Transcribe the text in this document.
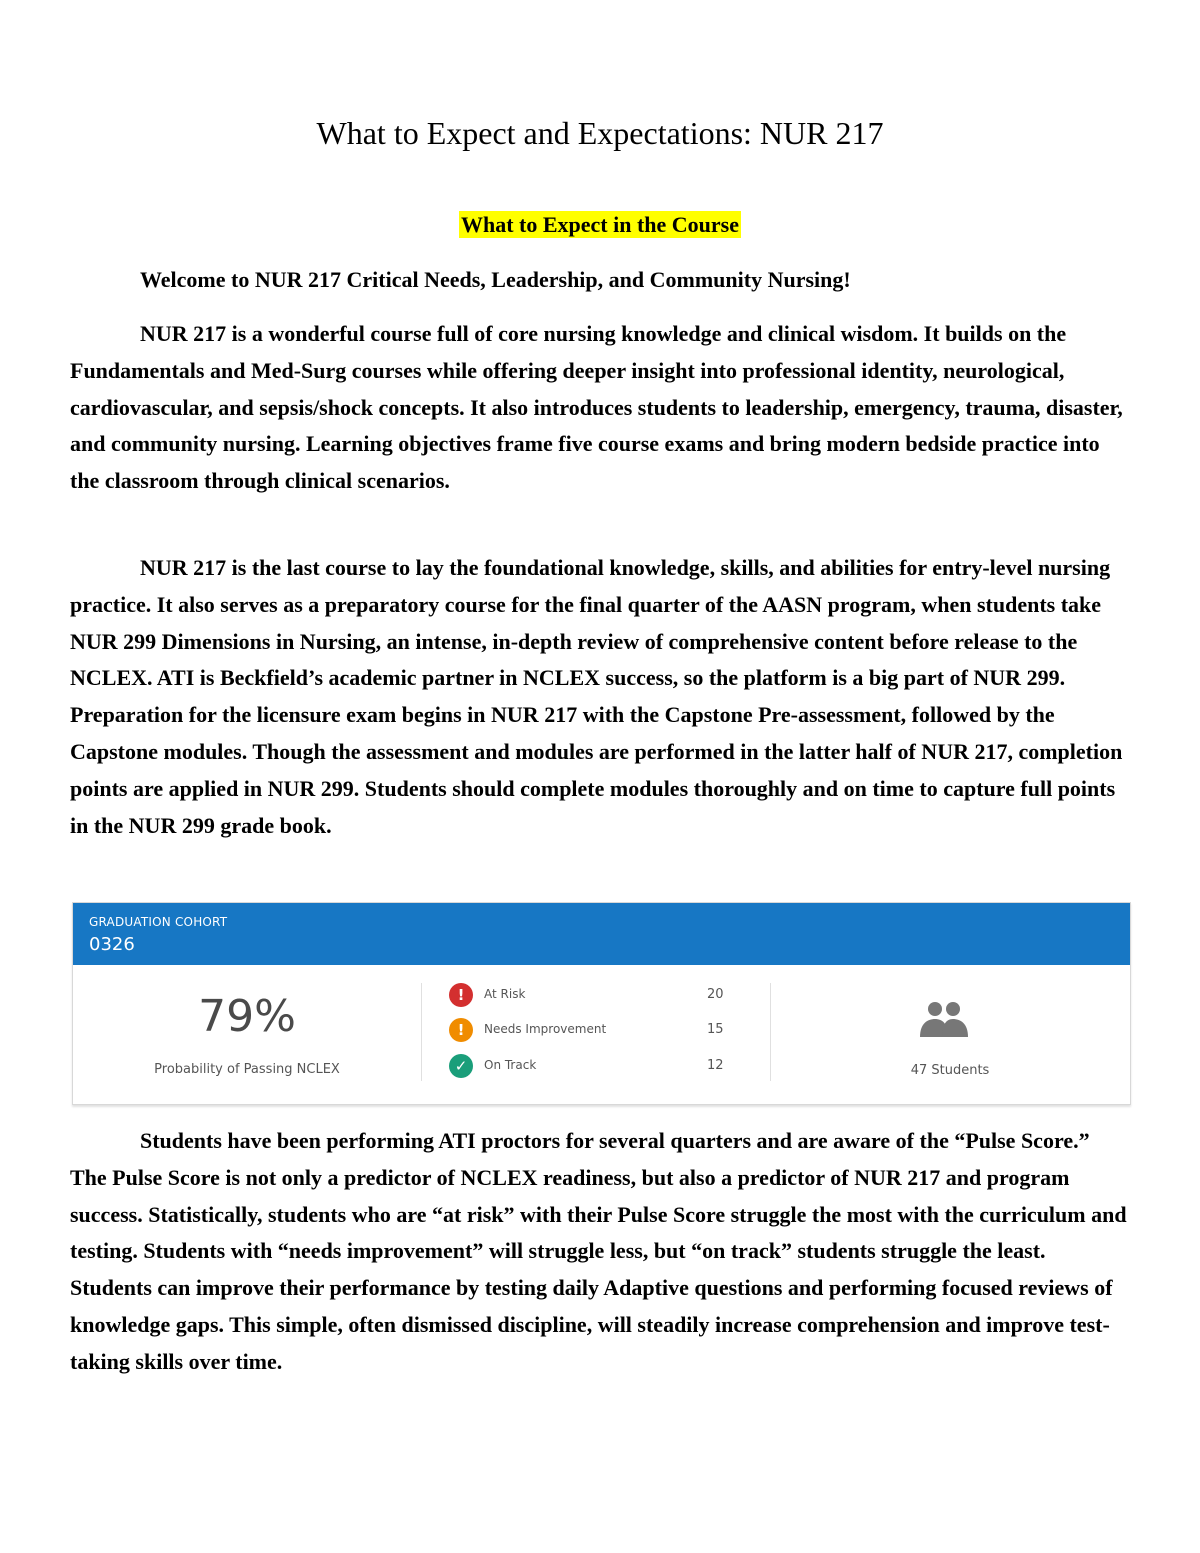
What to Expect and Expectations: NUR 217
What to Expect in the Course
Welcome to NUR 217 Critical Needs, Leadership, and Community Nursing!

NUR 217 is a wonderful course full of core nursing knowledge and clinical wisdom. It builds on the Fundamentals and Med-Surg courses while offering deeper insight into professional identity, neurological, cardiovascular, and sepsis/shock concepts. It also introduces students to leadership, emergency, trauma, disaster, and community nursing. Learning objectives frame five course exams and bring modern bedside practice into the classroom through clinical scenarios.

NUR 217 is the last course to lay the foundational knowledge, skills, and abilities for entry-level nursing practice. It also serves as a preparatory course for the final quarter of the AASN program, when students take NUR 299 Dimensions in Nursing, an intense, in-depth review of comprehensive content before release to the NCLEX. ATI is Beckfield’s academic partner in NCLEX success, so the platform is a big part of NUR 299. Preparation for the licensure exam begins in NUR 217 with the Capstone Pre-assessment, followed by the Capstone modules. Though the assessment and modules are performed in the latter half of NUR 217, completion points are applied in NUR 299. Students should complete modules thoroughly and on time to capture full points in the NUR 299 grade book.

GRADUATION COHORT
0326
79%
Probability of Passing NCLEX
!	At Risk	20
!	Needs Improvement	15
✓	On Track	12	47 Students

Students have been performing ATI proctors for several quarters and are aware of the “Pulse Score.” The Pulse Score is not only a predictor of NCLEX readiness, but also a predictor of NUR 217 and program success. Statistically, students who are “at risk” with their Pulse Score struggle the most with the curriculum and testing. Students with “needs improvement” will struggle less, but “on track” students struggle the least. Students can improve their performance by testing daily Adaptive questions and performing focused reviews of knowledge gaps. This simple, often dismissed discipline, will steadily increase comprehension and improve test-taking skills over time.
